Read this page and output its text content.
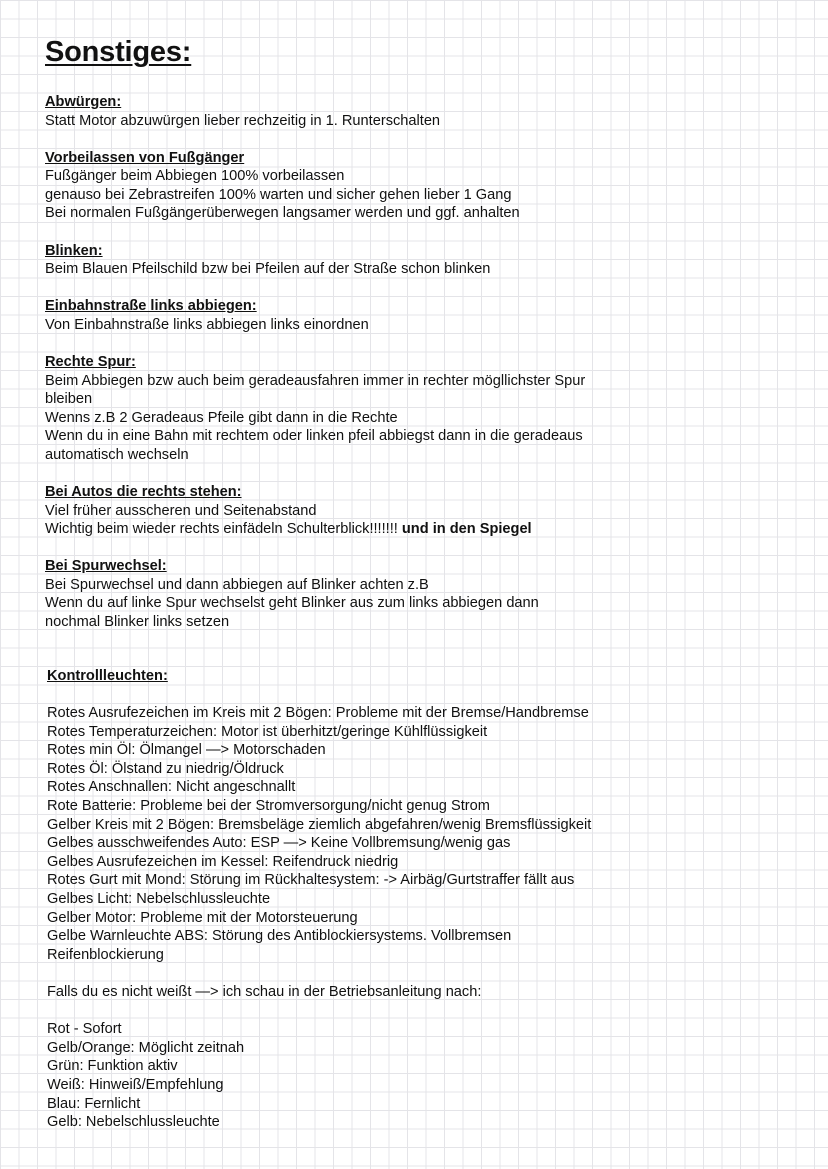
Sonstiges:
Abwürgen:
Statt Motor abzuwürgen lieber rechzeitig in 1. Runterschalten
Vorbeilassen von Fußgänger
Fußgänger beim Abbiegen 100% vorbeilassen
genauso bei Zebrastreifen 100% warten und sicher gehen lieber 1 Gang
Bei normalen Fußgängerüberwegen langsamer werden und ggf. anhalten
Blinken:
Beim Blauen Pfeilschild bzw bei Pfeilen auf der Straße schon blinken
Einbahnstraße links abbiegen:
Von Einbahnstraße links abbiegen links einordnen
Rechte Spur:
Beim Abbiegen bzw auch beim geradeausfahren immer in rechter mögllichster Spur
bleiben
Wenns z.B 2 Geradeaus Pfeile gibt dann in die Rechte
Wenn du in eine Bahn mit rechtem oder linken pfeil abbiegst dann in die geradeaus
automatisch wechseln
Bei Autos die rechts stehen:
Viel früher ausscheren und Seitenabstand
Wichtig beim wieder rechts einfädeln Schulterblick!!!!!!! und in den Spiegel
Bei Spurwechsel:
Bei Spurwechsel und dann abbiegen auf Blinker achten z.B
Wenn du auf linke Spur wechselst geht Blinker aus zum links abbiegen dann
nochmal Blinker links setzen
Kontrollleuchten:
Rotes Ausrufezeichen im Kreis mit 2 Bögen: Probleme mit der Bremse/Handbremse
Rotes Temperaturzeichen: Motor ist überhitzt/geringe Kühlflüssigkeit
Rotes min Öl: Ölmangel —> Motorschaden
Rotes Öl: Ölstand zu niedrig/Öldruck
Rotes Anschnallen: Nicht angeschnallt
Rote Batterie: Probleme bei der Stromversorgung/nicht genug Strom
Gelber Kreis mit 2 Bögen: Bremsbeläge ziemlich abgefahren/wenig Bremsflüssigkeit
Gelbes ausschweifendes Auto: ESP —> Keine Vollbremsung/wenig gas
Gelbes Ausrufezeichen im Kessel: Reifendruck niedrig
Rotes Gurt mit Mond: Störung im Rückhaltesystem: -> Airbäg/Gurtstraffer fällt aus
Gelbes Licht: Nebelschlussleuchte
Gelber Motor: Probleme mit der Motorsteuerung
Gelbe Warnleuchte ABS: Störung des Antiblockiersystems. Vollbremsen
Reifenblockierung
Falls du es nicht weißt —> ich schau in der Betriebsanleitung nach:
Rot - Sofort
Gelb/Orange: Möglicht zeitnah
Grün: Funktion aktiv
Weiß: Hinweiß/Empfehlung
Blau: Fernlicht
Gelb: Nebelschlussleuchte
